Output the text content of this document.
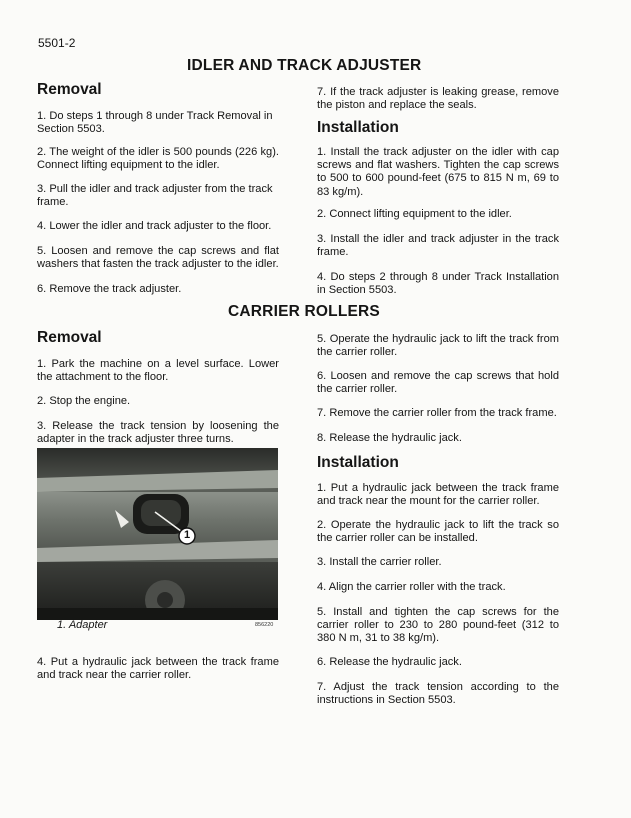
5501-2
IDLER AND TRACK ADJUSTER
Removal
1. Do steps 1 through 8 under Track Removal in Section 5503.
2. The weight of the idler is 500 pounds (226 kg). Connect lifting equipment to the idler.
3. Pull the idler and track adjuster from the track frame.
4. Lower the idler and track adjuster to the floor.
5. Loosen and remove the cap screws and flat washers that fasten the track adjuster to the idler.
6. Remove the track adjuster.
7. If the track adjuster is leaking grease, remove the piston and replace the seals.
Installation
1. Install the track adjuster on the idler with cap screws and flat washers. Tighten the cap screws to 500 to 600 pound-feet (675 to 815 N m, 69 to 83 kg/m).
2. Connect lifting equipment to the idler.
3. Install the idler and track adjuster in the track frame.
4. Do steps 2 through 8 under Track Installation in Section 5503.
CARRIER ROLLERS
Removal
1. Park the machine on a level surface. Lower the attachment to the floor.
2. Stop the engine.
3. Release the track tension by loosening the adapter in the track adjuster three turns.
1
1. Adapter	856220
4. Put a hydraulic jack between the track frame and track near the carrier roller.
5. Operate the hydraulic jack to lift the track from the carrier roller.
6. Loosen and remove the cap screws that hold the carrier roller.
7. Remove the carrier roller from the track frame.
8. Release the hydraulic jack.
Installation
1. Put a hydraulic jack between the track frame and track near the mount for the carrier roller.
2. Operate the hydraulic jack to lift the track so the carrier roller can be installed.
3. Install the carrier roller.
4. Align the carrier roller with the track.
5. Install and tighten the cap screws for the carrier roller to 230 to 280 pound-feet (312 to 380 N m, 31 to 38 kg/m).
6. Release the hydraulic jack.
7. Adjust the track tension according to the instructions in Section 5503.
